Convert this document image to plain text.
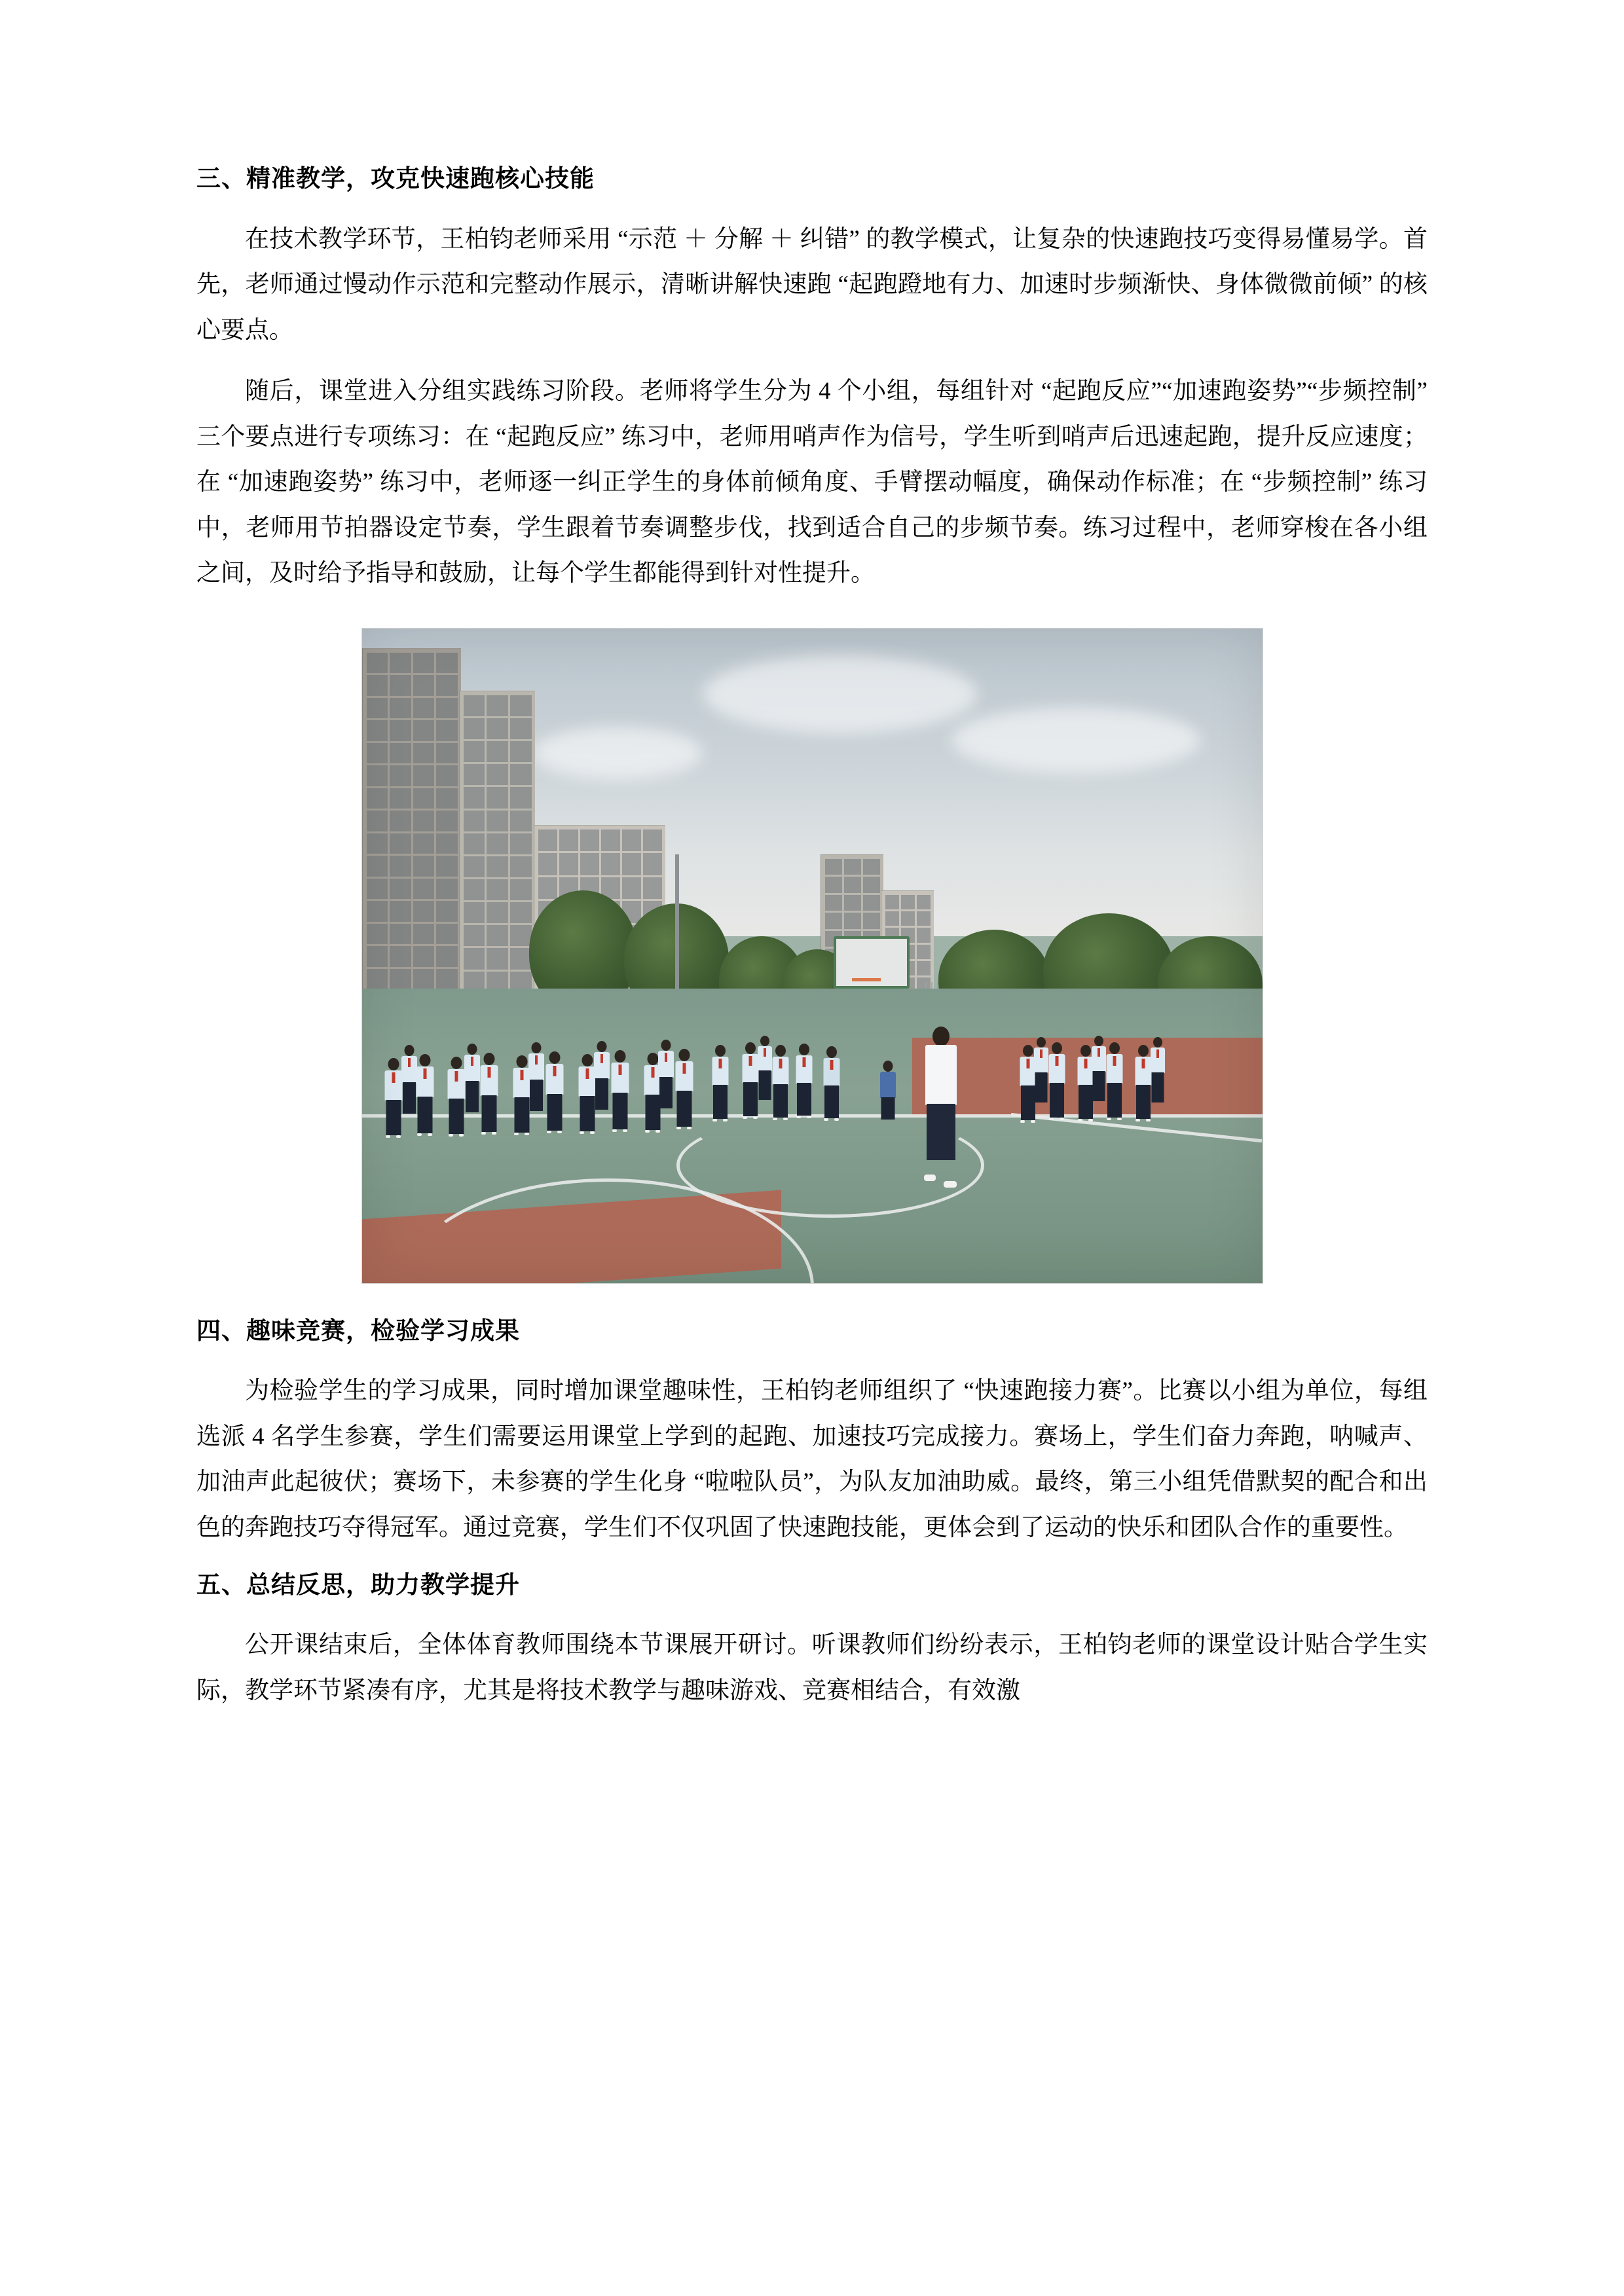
三、精准教学，攻克快速跑核心技能

在技术教学环节，王柏钧老师采用 “示范 ＋ 分解 ＋ 纠错” 的教学模式，让复杂的快速跑技巧变得易懂易学。首先，老师通过慢动作示范和完整动作展示，清晰讲解快速跑 “起跑蹬地有力、加速时步频渐快、身体微微前倾” 的核心要点。

随后，课堂进入分组实践练习阶段。老师将学生分为 4 个小组，每组针对 “起跑反应”“加速跑姿势”“步频控制” 三个要点进行专项练习：在 “起跑反应” 练习中，老师用哨声作为信号，学生听到哨声后迅速起跑，提升反应速度；在 “加速跑姿势” 练习中，老师逐一纠正学生的身体前倾角度、手臂摆动幅度，确保动作标准；在 “步频控制” 练习中，老师用节拍器设定节奏，学生跟着节奏调整步伐，找到适合自己的步频节奏。练习过程中，老师穿梭在各小组之间，及时给予指导和鼓励，让每个学生都能得到针对性提升。

四、趣味竞赛，检验学习成果

为检验学生的学习成果，同时增加课堂趣味性，王柏钧老师组织了 “快速跑接力赛”。比赛以小组为单位，每组选派 4 名学生参赛，学生们需要运用课堂上学到的起跑、加速技巧完成接力。赛场上，学生们奋力奔跑，呐喊声、加油声此起彼伏；赛场下，未参赛的学生化身 “啦啦队员”，为队友加油助威。最终，第三小组凭借默契的配合和出色的奔跑技巧夺得冠军。通过竞赛，学生们不仅巩固了快速跑技能，更体会到了运动的快乐和团队合作的重要性。

五、总结反思，助力教学提升

公开课结束后，全体体育教师围绕本节课展开研讨。听课教师们纷纷表示，王柏钧老师的课堂设计贴合学生实际，教学环节紧凑有序，尤其是将技术教学与趣味游戏、竞赛相结合，有效激
